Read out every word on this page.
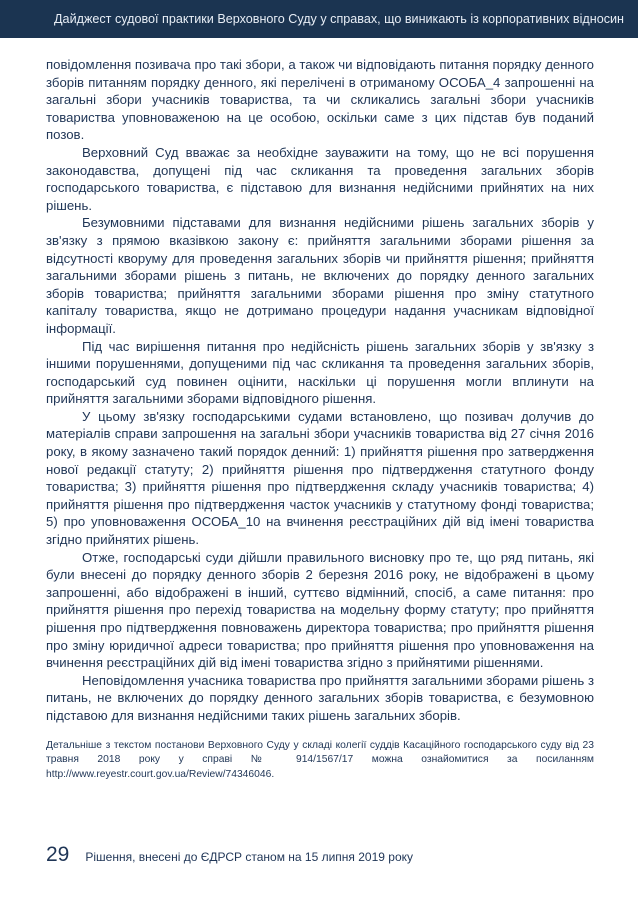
Дайджест судової практики Верховного Суду у справах, що виникають із корпоративних відносин

повідомлення позивача про такі збори, а також чи відповідають питання порядку денного зборів питанням порядку денного, які перелічені в отриманому ОСОБА_4 запрошенні на загальні збори учасників товариства, та чи скликались загальні збори учасників товариства уповноваженою на це особою, оскільки саме з цих підстав був поданий позов.

Верховний Суд вважає за необхідне зауважити на тому, що не всі порушення законодавства, допущені під час скликання та проведення загальних зборів господарського товариства, є підставою для визнання недійсними прийнятих на них рішень.

Безумовними підставами для визнання недійсними рішень загальних зборів у зв'язку з прямою вказівкою закону є: прийняття загальними зборами рішення за відсутності кворуму для проведення загальних зборів чи прийняття рішення; прийняття загальними зборами рішень з питань, не включених до порядку денного загальних зборів товариства; прийняття загальними зборами рішення про зміну статутного капіталу товариства, якщо не дотримано процедури надання учасникам відповідної інформації.

Під час вирішення питання про недійсність рішень загальних зборів у зв'язку з іншими порушеннями, допущеними під час скликання та проведення загальних зборів, господарський суд повинен оцінити, наскільки ці порушення могли вплинути на прийняття загальними зборами відповідного рішення.

У цьому зв'язку господарськими судами встановлено, що позивач долучив до матеріалів справи запрошення на загальні збори учасників товариства від 27 січня 2016 року, в якому зазначено такий порядок денний: 1) прийняття рішення про затвердження нової редакції статуту; 2) прийняття рішення про підтвердження статутного фонду товариства; 3) прийняття рішення про підтвердження складу учасників товариства; 4) прийняття рішення про підтвердження часток учасників у статутному фонді товариства; 5) про уповноваження ОСОБА_10 на вчинення реєстраційних дій від імені товариства згідно прийнятих рішень.

Отже, господарські суди дійшли правильного висновку про те, що ряд питань, які були внесені до порядку денного зборів 2 березня 2016 року, не відображені в цьому запрошенні, або відображені в інший, суттєво відмінний, спосіб, а саме питання: про прийняття рішення про перехід товариства на модельну форму статуту; про прийняття рішення про підтвердження повноважень директора товариства; про прийняття рішення про зміну юридичної адреси товариства; про прийняття рішення про уповноваження на вчинення реєстраційних дій від імені товариства згідно з прийнятими рішеннями.

Неповідомлення учасника товариства про прийняття загальними зборами рішень з питань, не включених до порядку денного загальних зборів товариства, є безумовною підставою для визнання недійсними таких рішень загальних зборів.

Детальніше з текстом постанови Верховного Суду у складі колегії суддів Касаційного господарського суду від 23 травня 2018 року у справі № 914/1567/17 можна ознайомитися за посиланням http://www.reyestr.court.gov.ua/Review/74346046.

29 Рішення, внесені до ЄДРСР станом на 15 липня 2019 року
